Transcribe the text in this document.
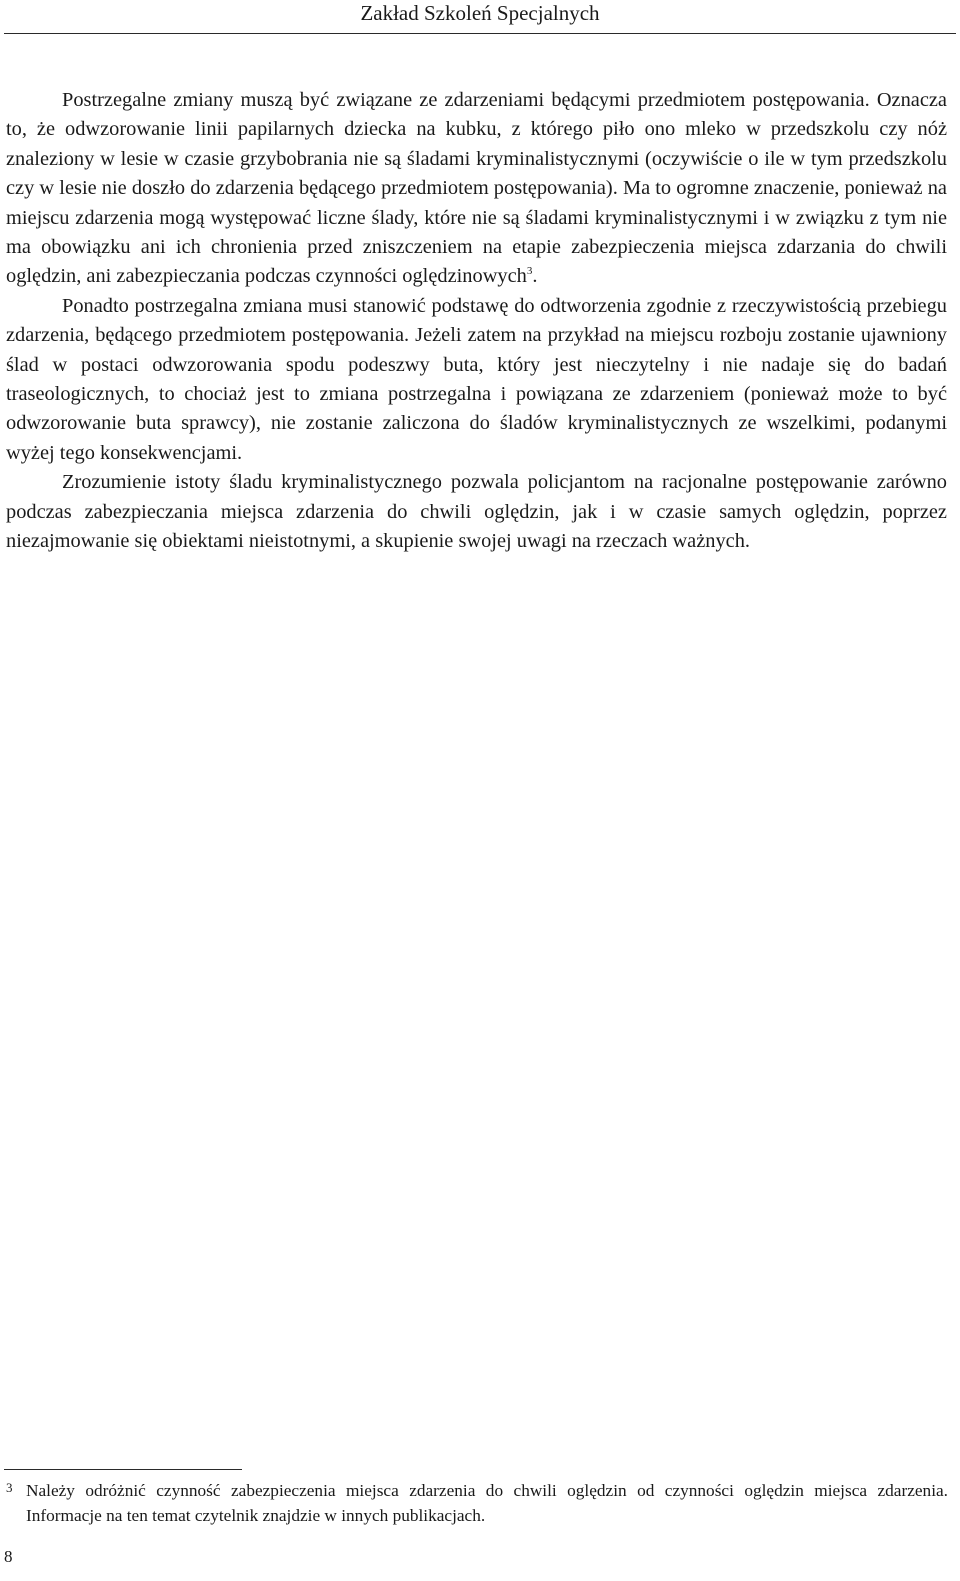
Zakład Szkoleń Specjalnych

Postrzegalne zmiany muszą być związane ze zdarzeniami będącymi przedmiotem postępowania. Oznacza to, że odwzorowanie linii papilarnych dziecka na kubku, z którego piło ono mleko w przedszkolu czy nóż znaleziony w lesie w czasie grzybobrania nie są śladami kryminalistycznymi (oczywiście o ile w tym przedszkolu czy w lesie nie doszło do zdarzenia będącego przedmiotem postępowania). Ma to ogromne znaczenie, ponieważ na miejscu zdarzenia mogą występować liczne ślady, które nie są śladami kryminalistycznymi i w związku z tym nie ma obowiązku ani ich chronienia przed zniszczeniem na etapie zabezpieczenia miejsca zdarzania do chwili oględzin, ani zabezpieczania podczas czynności oględzinowych$^3$.

Ponadto postrzegalna zmiana musi stanowić podstawę do odtworzenia zgodnie z rzeczywistością przebiegu zdarzenia, będącego przedmiotem postępowania. Jeżeli zatem na przykład na miejscu rozboju zostanie ujawniony ślad w postaci odwzorowania spodu podeszwy buta, który jest nieczytelny i nie nadaje się do badań traseologicznych, to chociaż jest to zmiana postrzegalna i powiązana ze zdarzeniem (ponieważ może to być odwzorowanie buta sprawcy), nie zostanie zaliczona do śladów kryminalistycznych ze wszelkimi, podanymi wyżej tego konsekwencjami.

Zrozumienie istoty śladu kryminalistycznego pozwala policjantom na racjonalne postępowanie zarówno podczas zabezpieczania miejsca zdarzenia do chwili oględzin, jak i w czasie samych oględzin, poprzez niezajmowanie się obiektami nieistotnymi, a skupienie swojej uwagi na rzeczach ważnych.

3 Należy odróżnić czynność zabezpieczenia miejsca zdarzenia do chwili oględzin od czynności oględzin miejsca zdarzenia. Informacje na ten temat czytelnik znajdzie w innych publikacjach.

8
